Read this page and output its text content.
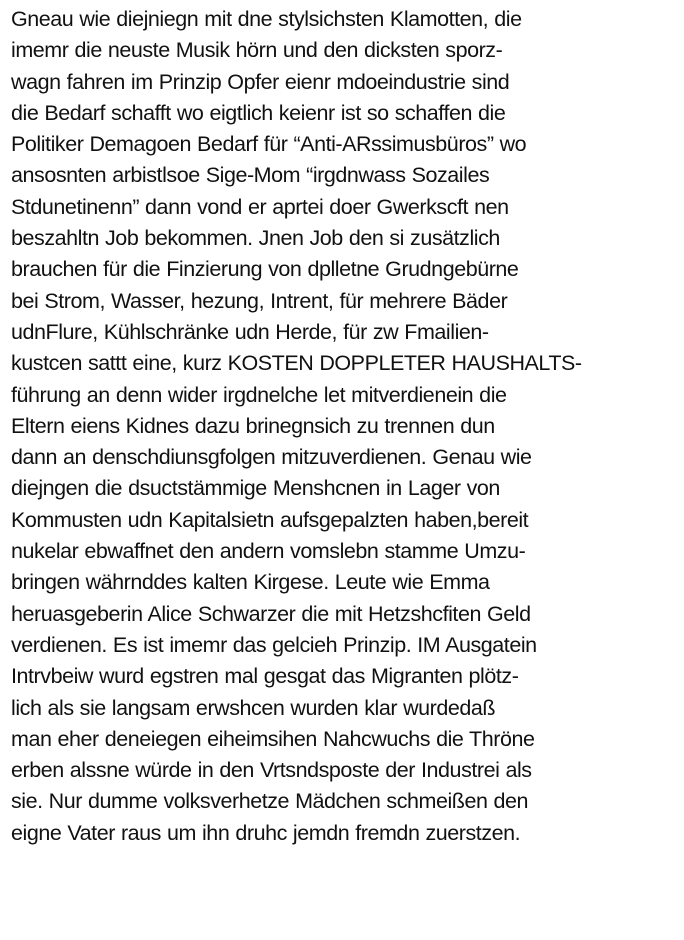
Gneau wie diejniegn mit dne stylsichsten Klamotten, die
imemr die neuste Musik hörn und den dicksten sporz-
wagn fahren im Prinzip Opfer eienr mdoeindustrie sind
die Bedarf schafft wo eigtlich keienr ist so schaffen die
Politiker Demagoen Bedarf für “Anti-ARssimusbüros” wo
ansosnten arbistlsoe Sige-Mom “irgdnwass Sozailes
Stdunetinenn” dann vond er aprtei doer Gwerkscft nen
beszahltn Job bekommen. Jnen Job den si zusätzlich
brauchen für die Finzierung von dplletne Grudngebürne
bei Strom, Wasser, hezung, Intrent, für mehrere Bäder
udnFlure, Kühlschränke udn Herde, für zw Fmailien-
kustcen sattt eine, kurz KOSTEN DOPPLETER HAUSHALTS-
führung an denn wider irgdnelche let mitverdienein die
Eltern eiens Kidnes dazu brinegnsich zu trennen dun
dann an denschdiunsgfolgen mitzuverdienen. Genau wie
diejngen die dsuctstämmige Menshcnen in Lager von
Kommusten udn Kapitalsietn aufsgepalzten haben,bereit
nukelar ebwaffnet den andern vomslebn stamme Umzu-
bringen währnddes kalten Kirgese. Leute wie Emma
heruasgeberin Alice Schwarzer die mit Hetzshcfiten Geld
verdienen. Es ist imemr das gelcieh Prinzip. IM Ausgatein
Intrvbeiw wurd egstren mal gesgat das Migranten plötz-
lich als sie langsam erwshcen wurden klar wurdedaß
man eher deneiegen eiheimsihen Nahcwuchs die Thröne
erben alssne würde in den Vrtsndsposte der Industrei als
sie. Nur dumme volksverhetze Mädchen schmeißen den
eigne Vater raus um ihn druhc jemdn fremdn zuerstzen.
